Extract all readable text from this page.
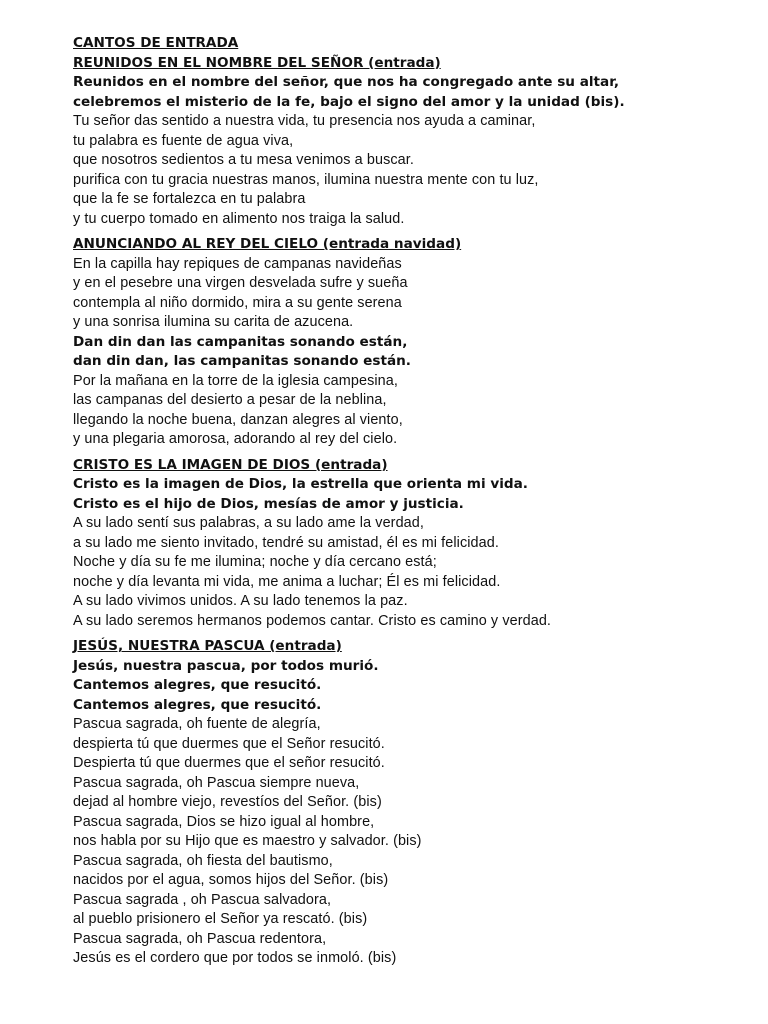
CANTOS DE ENTRADA
REUNIDOS EN EL NOMBRE DEL SEÑOR (entrada)
Reunidos en el nombre del señor, que nos ha congregado ante su altar,
celebremos el misterio de la fe, bajo el signo del amor y la unidad (bis).
Tu señor das sentido a nuestra vida, tu presencia nos ayuda a caminar,
tu palabra es fuente de agua viva,
que nosotros sedientos a tu mesa venimos a buscar.
purifica con tu gracia nuestras manos, ilumina nuestra mente con tu luz,
que la fe se fortalezca en tu palabra
y tu cuerpo tomado en alimento nos traiga la salud.
ANUNCIANDO AL REY DEL CIELO (entrada navidad)
En la capilla hay repiques de campanas navideñas
y en el pesebre una virgen desvelada sufre y sueña
contempla al niño dormido, mira a su gente serena
y una sonrisa ilumina su carita de azucena.
Dan din dan las campanitas sonando están,
dan din dan, las campanitas sonando están.
Por la mañana en la torre de la iglesia campesina,
las campanas del desierto a pesar de la neblina,
llegando la noche buena, danzan alegres al viento,
y una plegaria amorosa, adorando al rey del cielo.
CRISTO ES LA IMAGEN DE DIOS (entrada)
Cristo es la imagen de Dios, la estrella que orienta mi vida.
Cristo es el hijo de Dios, mesías de amor y justicia.
A su lado sentí sus palabras, a su lado ame la verdad,
a su lado me siento invitado, tendré su amistad, él es mi felicidad.
Noche y día su fe me ilumina; noche y día cercano está;
noche y día levanta mi vida, me anima a luchar; Él es mi felicidad.
A su lado vivimos unidos. A su lado tenemos la paz.
A su lado seremos hermanos podemos cantar. Cristo es camino y verdad.
JESÚS, NUESTRA PASCUA (entrada)
Jesús, nuestra pascua, por todos murió.
Cantemos alegres, que resucitó.
Cantemos alegres, que resucitó.
Pascua sagrada, oh fuente de alegría,
despierta tú que duermes que el Señor resucitó.
Despierta tú que duermes que el señor resucitó.
Pascua sagrada, oh Pascua siempre nueva,
dejad al hombre viejo, revestíos del Señor. (bis)
Pascua sagrada, Dios se hizo igual al hombre,
nos habla por su Hijo que es maestro y salvador. (bis)
Pascua sagrada, oh fiesta del bautismo,
nacidos por el agua, somos hijos del Señor. (bis)
Pascua sagrada , oh Pascua salvadora,
al pueblo prisionero el Señor ya rescató. (bis)
Pascua sagrada, oh Pascua redentora,
Jesús es el cordero que por todos se inmoló. (bis)
